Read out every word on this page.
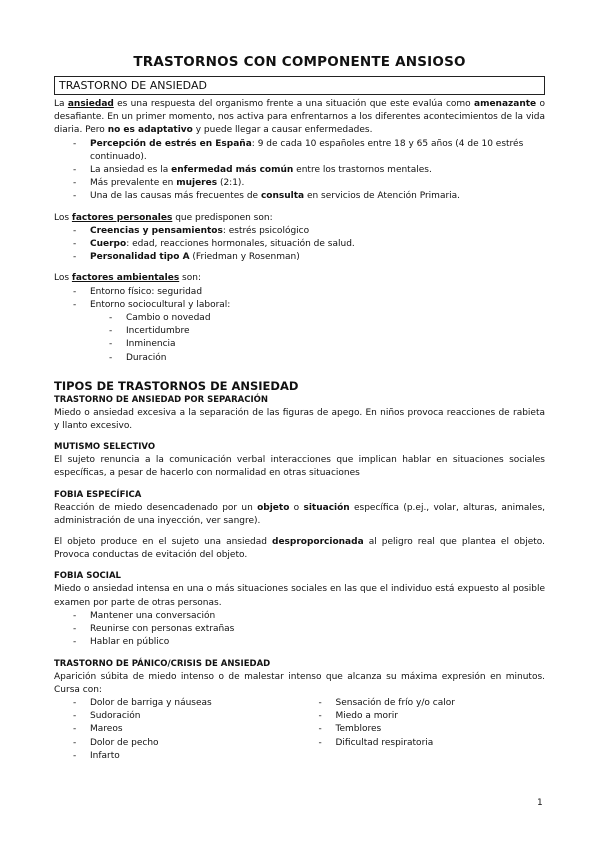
TRASTORNOS CON COMPONENTE ANSIOSO
TRASTORNO DE ANSIEDAD

La ansiedad es una respuesta del organismo frente a una situación que este evalúa como amenazante o desafiante. En un primer momento, nos activa para enfrentarnos a los diferentes acontecimientos de la vida diaria. Pero no es adaptativo y puede llegar a causar enfermedades.

- Percepción de estrés en España: 9 de cada 10 españoles entre 18 y 65 años (4 de 10 estrés continuado).
- La ansiedad es la enfermedad más común entre los trastornos mentales.
- Más prevalente en mujeres (2:1).
- Una de las causas más frecuentes de consulta en servicios de Atención Primaria.

Los factores personales que predisponen son:

- Creencias y pensamientos: estrés psicológico
- Cuerpo: edad, reacciones hormonales, situación de salud.
- Personalidad tipo A (Friedman y Rosenman)

Los factores ambientales son:

- Entorno físico: seguridad
- Entorno sociocultural y laboral:
- Cambio o novedad
- Incertidumbre
- Inminencia
- Duración
TIPOS DE TRASTORNOS DE ANSIEDAD
TRASTORNO DE ANSIEDAD POR SEPARACIÓN

Miedo o ansiedad excesiva a la separación de las figuras de apego. En niños provoca reacciones de rabieta y llanto excesivo.

MUTISMO SELECTIVO

El sujeto renuncia a la comunicación verbal interacciones que implican hablar en situaciones sociales específicas, a pesar de hacerlo con normalidad en otras situaciones

FOBIA ESPECÍFICA

Reacción de miedo desencadenado por un objeto o situación específica (p.ej., volar, alturas, animales, administración de una inyección, ver sangre).

El objeto produce en el sujeto una ansiedad desproporcionada al peligro real que plantea el objeto. Provoca conductas de evitación del objeto.

FOBIA SOCIAL

Miedo o ansiedad intensa en una o más situaciones sociales en las que el individuo está expuesto al posible examen por parte de otras personas.

- Mantener una conversación
- Reunirse con personas extrañas
- Hablar en público
TRASTORNO DE PÁNICO/CRISIS DE ANSIEDAD

Aparición súbita de miedo intenso o de malestar intenso que alcanza su máxima expresión en minutos. Cursa con:

- Dolor de barriga y náuseas
- Sudoración
- Mareos
- Dolor de pecho
- Infarto
- Sensación de frío y/o calor
- Miedo a morir
- Temblores
- Dificultad respiratoria
1
